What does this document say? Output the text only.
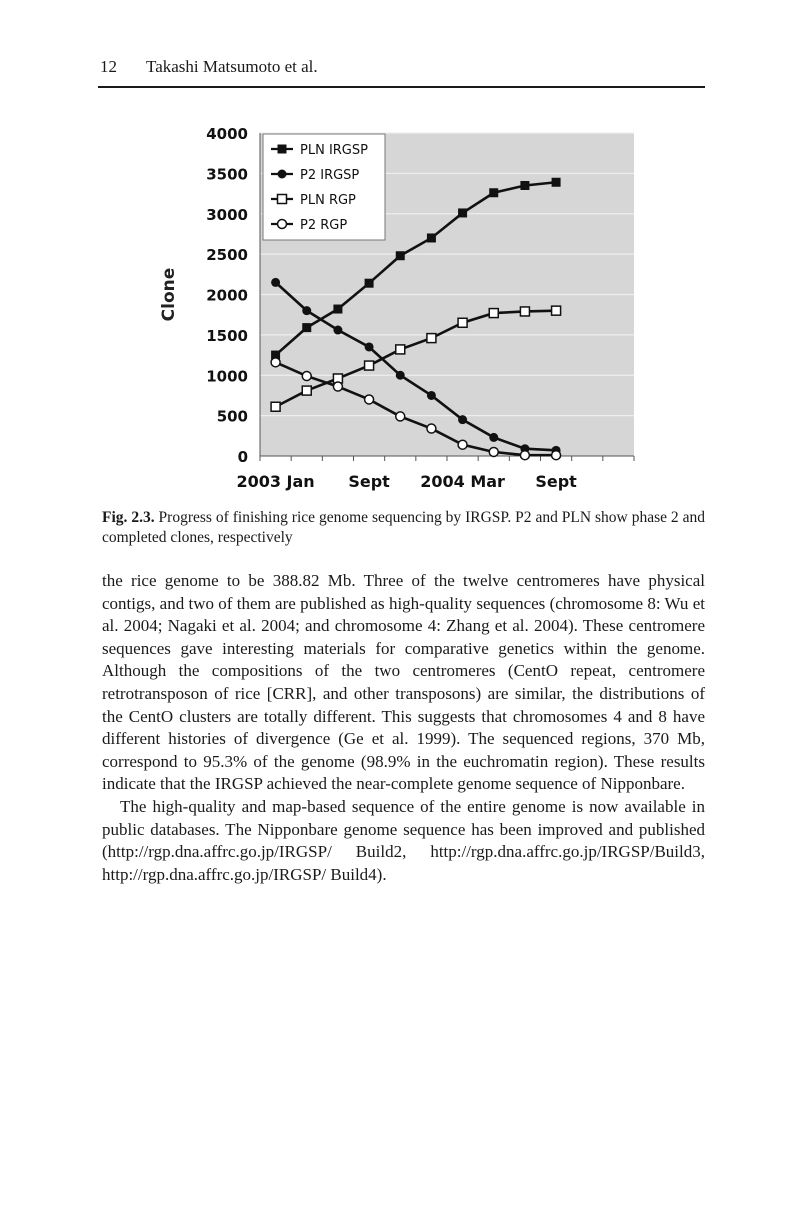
12 Takashi Matsumoto et al.
0
500
1000
1500
2000
2500
3000
3500
4000
2003 Jan Sept 2004 Mar Sept
Clone
PLN IRGSP
P2 IRGSP
PLN RGP
P2 RGP
Fig. 2.3. Progress of finishing rice genome sequencing by IRGSP. P2 and PLN show phase 2 and completed clones, respectively

the rice genome to be 388.82 Mb. Three of the twelve centromeres have physical contigs, and two of them are published as high-quality sequences (chromosome 8: Wu et al. 2004; Nagaki et al. 2004; and chromosome 4: Zhang et al. 2004). These centromere sequences gave interesting materials for comparative genetics within the genome. Although the compositions of the two centromeres (CentO repeat, centromere retrotransposon of rice [CRR], and other transposons) are similar, the distributions of the CentO clusters are totally different. This suggests that chromosomes 4 and 8 have different histories of divergence (Ge et al. 1999). The sequenced regions, 370 Mb, correspond to 95.3% of the genome (98.9% in the euchromatin region). These results indicate that the IRGSP achieved the near-complete genome sequence of Nipponbare.

The high-quality and map-based sequence of the entire genome is now available in public databases. The Nipponbare genome sequence has been improved and published (http://rgp.dna.affrc.go.jp/IRGSP/ Build2, http://rgp.dna.affrc.go.jp/IRGSP/Build3, http://rgp.dna.affrc.go.jp/IRGSP/ Build4).
